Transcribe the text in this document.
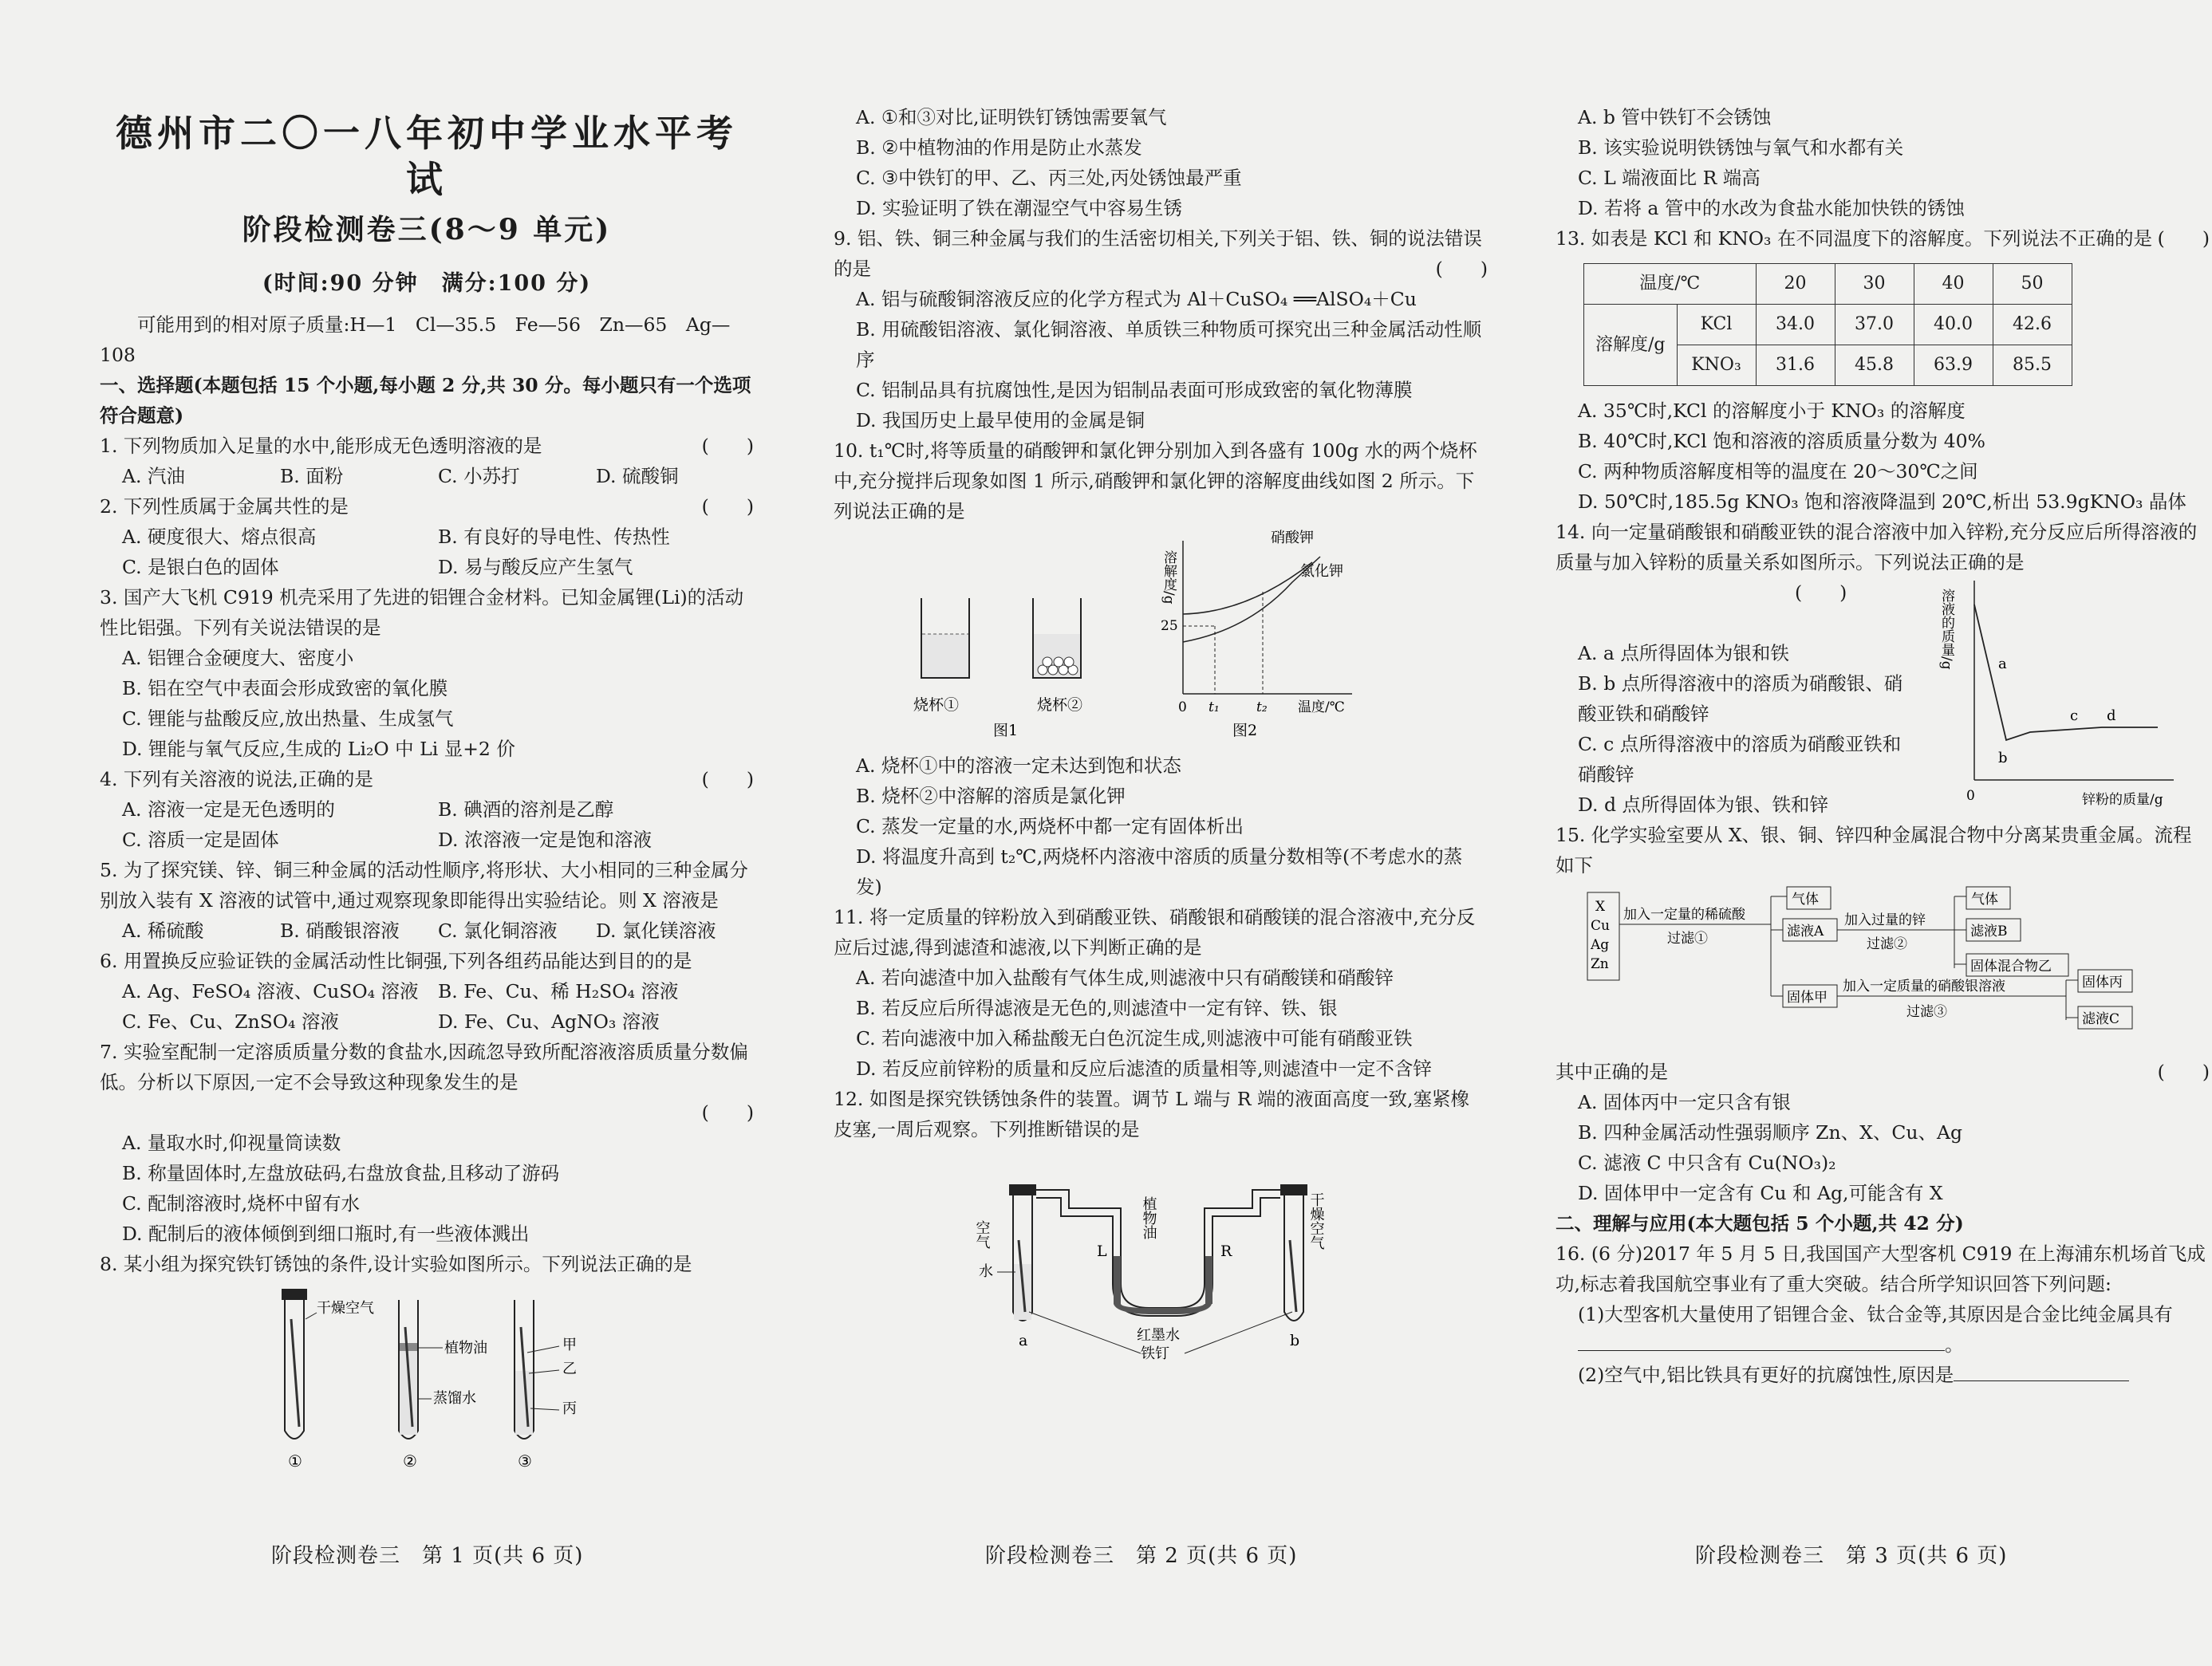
德州市二〇一八年初中学业水平考试
阶段检测卷三(8～9 单元)
(时间:90 分钟　满分:100 分)
可能用到的相对原子质量:H—1　Cl—35.5　Fe—56　Zn—65　Ag—108
一、选择题(本题包括 15 个小题,每小题 2 分,共 30 分。每小题只有一个选项符合题意)
1. 下列物质加入足量的水中,能形成无色透明溶液的是	(　　)
A. 汽油	B. 面粉	C. 小苏打	D. 硫酸铜
2. 下列性质属于金属共性的是	(　　)
A. 硬度很大、熔点很高	B. 有良好的导电性、传热性
C. 是银白色的固体	D. 易与酸反应产生氢气
3. 国产大飞机 C919 机壳采用了先进的铝锂合金材料。已知金属锂(Li)的活动性比铝强。下列有关说法错误的是
A. 铝锂合金硬度大、密度小
B. 铝在空气中表面会形成致密的氧化膜
C. 锂能与盐酸反应,放出热量、生成氢气
D. 锂能与氧气反应,生成的 Li₂O 中 Li 显+2 价
4. 下列有关溶液的说法,正确的是	(　　)
A. 溶液一定是无色透明的	B. 碘酒的溶剂是乙醇
C. 溶质一定是固体	D. 浓溶液一定是饱和溶液
5. 为了探究镁、锌、铜三种金属的活动性顺序,将形状、大小相同的三种金属分别放入装有 X 溶液的试管中,通过观察现象即能得出实验结论。则 X 溶液是
A. 稀硫酸	B. 硝酸银溶液	C. 氯化铜溶液	D. 氯化镁溶液
6. 用置换反应验证铁的金属活动性比铜强,下列各组药品能达到目的的是
A. Ag、FeSO₄ 溶液、CuSO₄ 溶液	B. Fe、Cu、稀 H₂SO₄ 溶液
C. Fe、Cu、ZnSO₄ 溶液	D. Fe、Cu、AgNO₃ 溶液
7. 实验室配制一定溶质质量分数的食盐水,因疏忽导致所配溶液溶质质量分数偏低。分析以下原因,一定不会导致这种现象发生的是
(　　)
A. 量取水时,仰视量筒读数
B. 称量固体时,左盘放砝码,右盘放食盐,且移动了游码
C. 配制溶液时,烧杯中留有水
D. 配制后的液体倾倒到细口瓶时,有一些液体溅出
8. 某小组为探究铁钉锈蚀的条件,设计实验如图所示。下列说法正确的是
干燥空气
①
植物油
蒸馏水
②
甲
乙
丙
③
A. ①和③对比,证明铁钉锈蚀需要氧气
B. ②中植物油的作用是防止水蒸发
C. ③中铁钉的甲、乙、丙三处,丙处锈蚀最严重
D. 实验证明了铁在潮湿空气中容易生锈
9. 铝、铁、铜三种金属与我们的生活密切相关,下列关于铝、铁、铜的说法错误的是	(　　)
A. 铝与硫酸铜溶液反应的化学方程式为 Al＋CuSO₄ ══AlSO₄＋Cu
B. 用硫酸铝溶液、氯化铜溶液、单质铁三种物质可探究出三种金属活动性顺序
C. 铝制品具有抗腐蚀性,是因为铝制品表面可形成致密的氧化物薄膜
D. 我国历史上最早使用的金属是铜
10. t₁℃时,将等质量的硝酸钾和氯化钾分别加入到各盛有 100g 水的两个烧杯中,充分搅拌后现象如图 1 所示,硝酸钾和氯化钾的溶解度曲线如图 2 所示。下列说法正确的是
烧杯①	烧杯②
图1
溶解度/g
25
0 t₁	t₂ 温度/℃
硝酸钾
氯化钾
图2
A. 烧杯①中的溶液一定未达到饱和状态
B. 烧杯②中溶解的溶质是氯化钾
C. 蒸发一定量的水,两烧杯中都一定有固体析出
D. 将温度升高到 t₂℃,两烧杯内溶液中溶质的质量分数相等(不考虑水的蒸发)
11. 将一定质量的锌粉放入到硝酸亚铁、硝酸银和硝酸镁的混合溶液中,充分反应后过滤,得到滤渣和滤液,以下判断正确的是
A. 若向滤渣中加入盐酸有气体生成,则滤液中只有硝酸镁和硝酸锌
B. 若反应后所得滤液是无色的,则滤渣中一定有锌、铁、银
C. 若向滤液中加入稀盐酸无白色沉淀生成,则滤液中可能有硝酸亚铁
D. 若反应前锌粉的质量和反应后滤渣的质量相等,则滤渣中一定不含锌
12. 如图是探究铁锈蚀条件的装置。调节 L 端与 R 端的液面高度一致,塞紧橡皮塞,一周后观察。下列推断错误的是
空气
水
植物油	干燥空气
L	R
a	b
红墨水
铁钉
A. b 管中铁钉不会锈蚀
B. 该实验说明铁锈蚀与氧气和水都有关
C. L 端液面比 R 端高
D. 若将 a 管中的水改为食盐水能加快铁的锈蚀
13. 如表是 KCl 和 KNO₃ 在不同温度下的溶解度。下列说法不正确的是 (　　)
温度/℃		20	30	40	50
溶解度/g	KCl	34.0	37.0	40.0	42.6
	KNO₃	31.6	45.8	63.9	85.5
A. 35℃时,KCl 的溶解度小于 KNO₃ 的溶解度
B. 40℃时,KCl 饱和溶液的溶质质量分数为 40%
C. 两种物质溶解度相等的温度在 20～30℃之间
D. 50℃时,185.5g KNO₃ 饱和溶液降温到 20℃,析出 53.9gKNO₃ 晶体
14. 向一定量硝酸银和硝酸亚铁的混合溶液中加入锌粉,充分反应后所得溶液的质量与加入锌粉的质量关系如图所示。下列说法正确的是
(　　)
A. a 点所得固体为银和铁
B. b 点所得溶液中的溶质为硝酸银、硝酸亚铁和硝酸锌
C. c 点所得溶液中的溶质为硝酸亚铁和硝酸锌
D. d 点所得固体为银、铁和锌
溶液的质量/g
0
a
b
c d
锌粉的质量/g
15. 化学实验室要从 X、银、铜、锌四种金属混合物中分离某贵重金属。流程如下
X
Cu
Ag
Zn
加入一定量的稀硫酸
过滤①
气体
滤液A
加入过量的锌
过滤②
气体
滤液B
固体混合物乙
固体甲
加入一定质量的硝酸银溶液
过滤③
固体丙
滤液C
其中正确的是	(　　)
A. 固体丙中一定只含有银
B. 四种金属活动性强弱顺序 Zn、X、Cu、Ag
C. 滤液 C 中只含有 Cu(NO₃)₂
D. 固体甲中一定含有 Cu 和 Ag,可能含有 X
二、理解与应用(本大题包括 5 个小题,共 42 分)
16. (6 分)2017 年 5 月 5 日,我国国产大型客机 C919 在上海浦东机场首飞成功,标志着我国航空事业有了重大突破。结合所学知识回答下列问题:
(1)大型客机大量使用了铝锂合金、钛合金等,其原因是合金比纯金属具有。
(2)空气中,铝比铁具有更好的抗腐蚀性,原因是
阶段检测卷三　第 1 页(共 6 页)	阶段检测卷三　第 2 页(共 6 页)	阶段检测卷三　第 3 页(共 6 页)
